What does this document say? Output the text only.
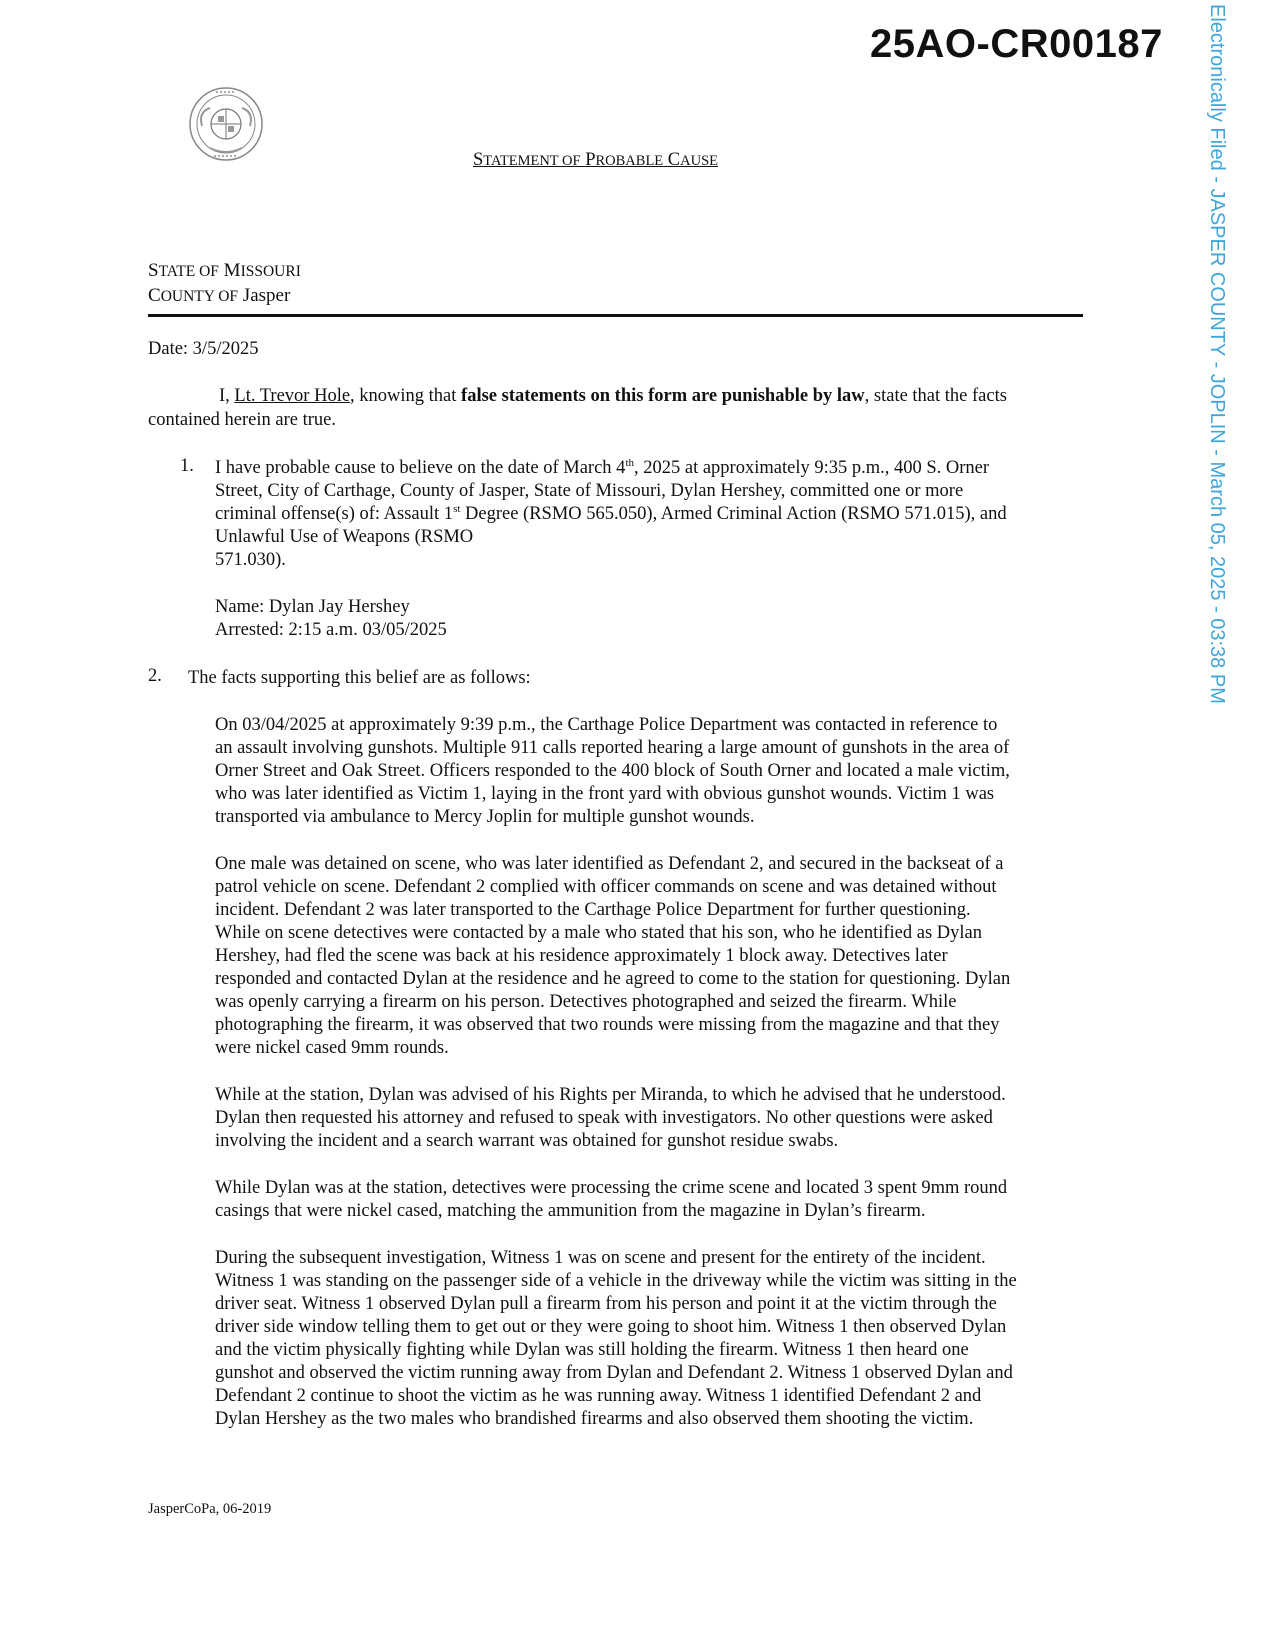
25AO-CR00187 Electronically Filed - JASPER COUNTY - JOPLIN - March 05, 2025 - 03:38 PM
STATEMENT OF PROBABLE CAUSE
STATE OF MISSOURI
COUNTY OF Jasper
Date: 3/5/2025
I, Lt. Trevor Hole, knowing that false statements on this form are punishable by law, state that the facts
contained herein are true.
1. I have probable cause to believe on the date of March 4th, 2025 at approximately 9:35 p.m., 400 S. Orner
Street, City of Carthage, County of Jasper, State of Missouri, Dylan Hershey, committed one or more
criminal offense(s) of: Assault 1st Degree (RSMO 565.050), Armed Criminal Action (RSMO 571.015), and
Unlawful Use of Weapons (RSMO
571.030).
Name: Dylan Jay Hershey
Arrested: 2:15 a.m. 03/05/2025
2. The facts supporting this belief are as follows:
On 03/04/2025 at approximately 9:39 p.m., the Carthage Police Department was contacted in reference to
an assault involving gunshots. Multiple 911 calls reported hearing a large amount of gunshots in the area of
Orner Street and Oak Street. Officers responded to the 400 block of South Orner and located a male victim,
who was later identified as Victim 1, laying in the front yard with obvious gunshot wounds. Victim 1 was
transported via ambulance to Mercy Joplin for multiple gunshot wounds.
One male was detained on scene, who was later identified as Defendant 2, and secured in the backseat of a
patrol vehicle on scene. Defendant 2 complied with officer commands on scene and was detained without
incident. Defendant 2 was later transported to the Carthage Police Department for further questioning.
While on scene detectives were contacted by a male who stated that his son, who he identified as Dylan
Hershey, had fled the scene was back at his residence approximately 1 block away. Detectives later
responded and contacted Dylan at the residence and he agreed to come to the station for questioning. Dylan
was openly carrying a firearm on his person. Detectives photographed and seized the firearm. While
photographing the firearm, it was observed that two rounds were missing from the magazine and that they
were nickel cased 9mm rounds.
While at the station, Dylan was advised of his Rights per Miranda, to which he advised that he understood.
Dylan then requested his attorney and refused to speak with investigators. No other questions were asked
involving the incident and a search warrant was obtained for gunshot residue swabs.
While Dylan was at the station, detectives were processing the crime scene and located 3 spent 9mm round
casings that were nickel cased, matching the ammunition from the magazine in Dylan’s firearm.
During the subsequent investigation, Witness 1 was on scene and present for the entirety of the incident.
Witness 1 was standing on the passenger side of a vehicle in the driveway while the victim was sitting in the
driver seat. Witness 1 observed Dylan pull a firearm from his person and point it at the victim through the
driver side window telling them to get out or they were going to shoot him. Witness 1 then observed Dylan
and the victim physically fighting while Dylan was still holding the firearm. Witness 1 then heard one
gunshot and observed the victim running away from Dylan and Defendant 2. Witness 1 observed Dylan and
Defendant 2 continue to shoot the victim as he was running away. Witness 1 identified Defendant 2 and
Dylan Hershey as the two males who brandished firearms and also observed them shooting the victim.
JasperCoPa, 06-2019
